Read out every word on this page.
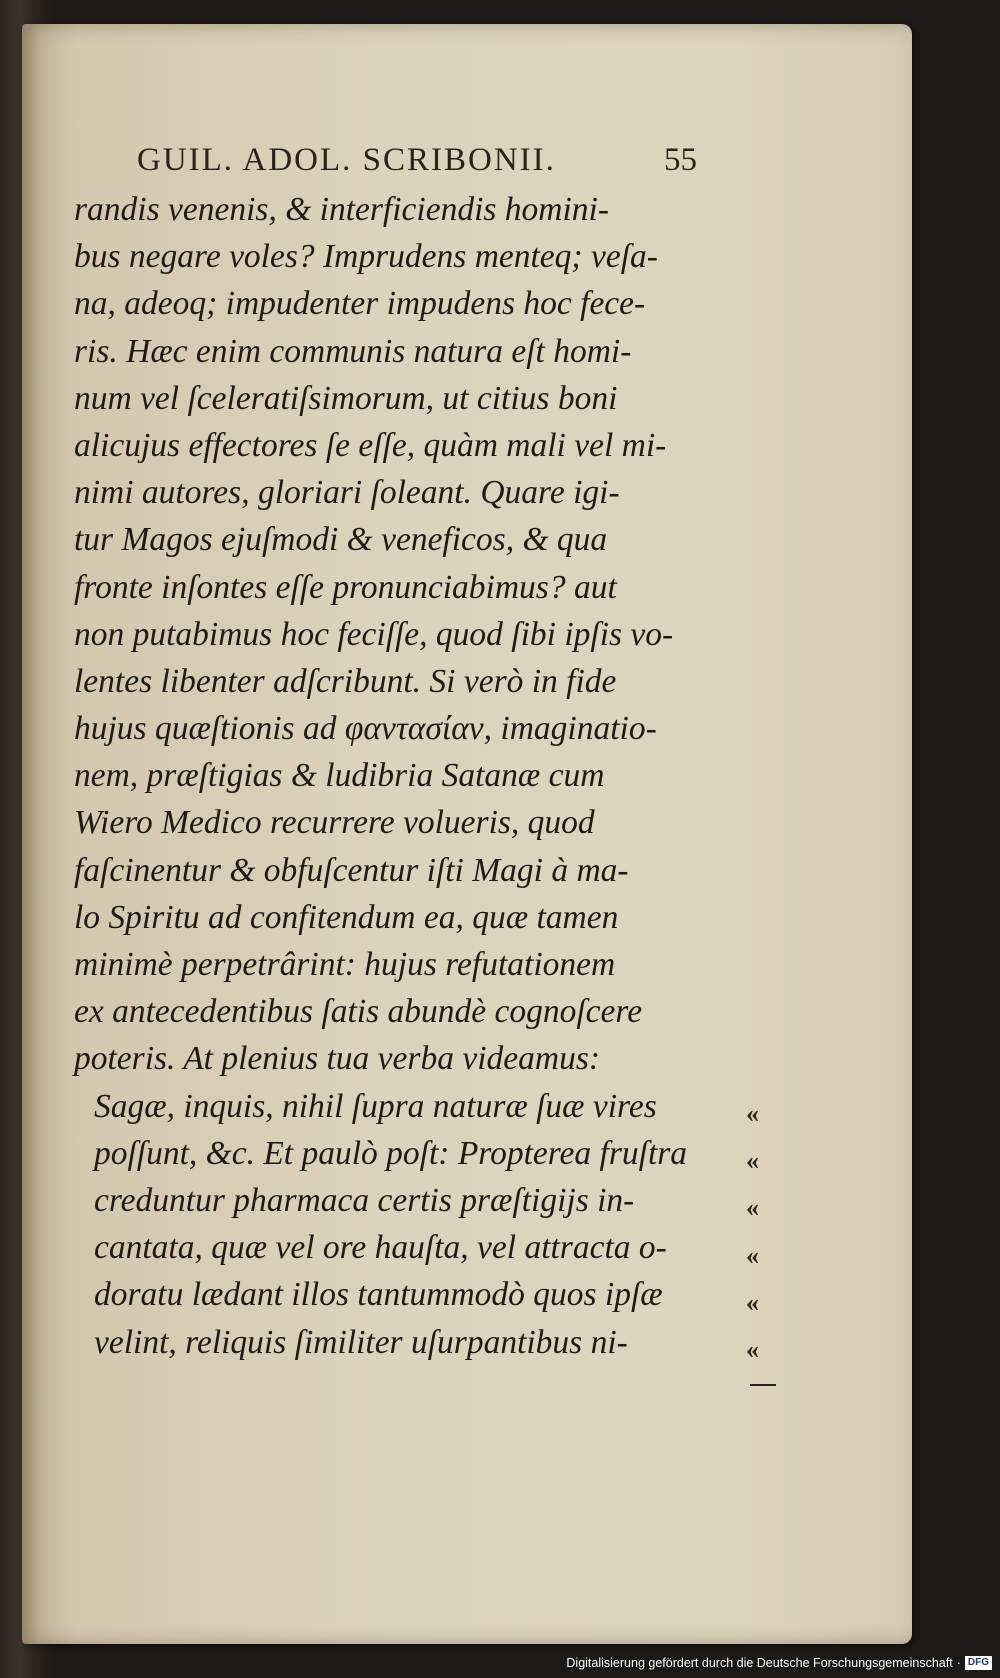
GUIL. ADOL. SCRIBONII.	55
randis venenis, & interficiendis homini-
bus negare voles? Imprudens menteq; veſa-
na, adeoq; impudenter impudens hoc fece-
ris. Hæc enim communis natura eſt homi-
num vel ſceleratiſsimorum, ut citius boni
alicujus effectores ſe eſſe, quàm mali vel mi-
nimi autores, gloriari ſoleant. Quare igi-
tur Magos ejuſmodi & veneficos, & qua
fronte inſontes eſſe pronunciabimus? aut
non putabimus hoc feciſſe, quod ſibi ipſis vo-
lentes libenter adſcribunt. Si verò in fide
hujus quæſtionis ad φαντασίαν, imaginatio-
nem, præſtigias & ludibria Satanæ cum
Wiero Medico recurrere volueris, quod
faſcinentur & obfuſcentur iſti Magi à ma-
lo Spiritu ad confitendum ea, quæ tamen
minimè perpetrârint: hujus refutationem
ex antecedentibus ſatis abundè cognoſcere
poteris. At plenius tua verba videamus:
Sagæ, inquis, nihil ſupra naturæ ſuæ vires
poſſunt, &c. Et paulò poſt: Propterea fruſtra
creduntur pharmaca certis præſtigijs in-
cantata, quæ vel ore hauſta, vel attracta o-
doratu lædant illos tantummodò quos ipſæ
velint, reliquis ſimiliter uſurpantibus ni-
«
«
«
«
«
«
Digitalisierung gefördert durch die Deutsche Forschungsgemeinschaft · DFG
